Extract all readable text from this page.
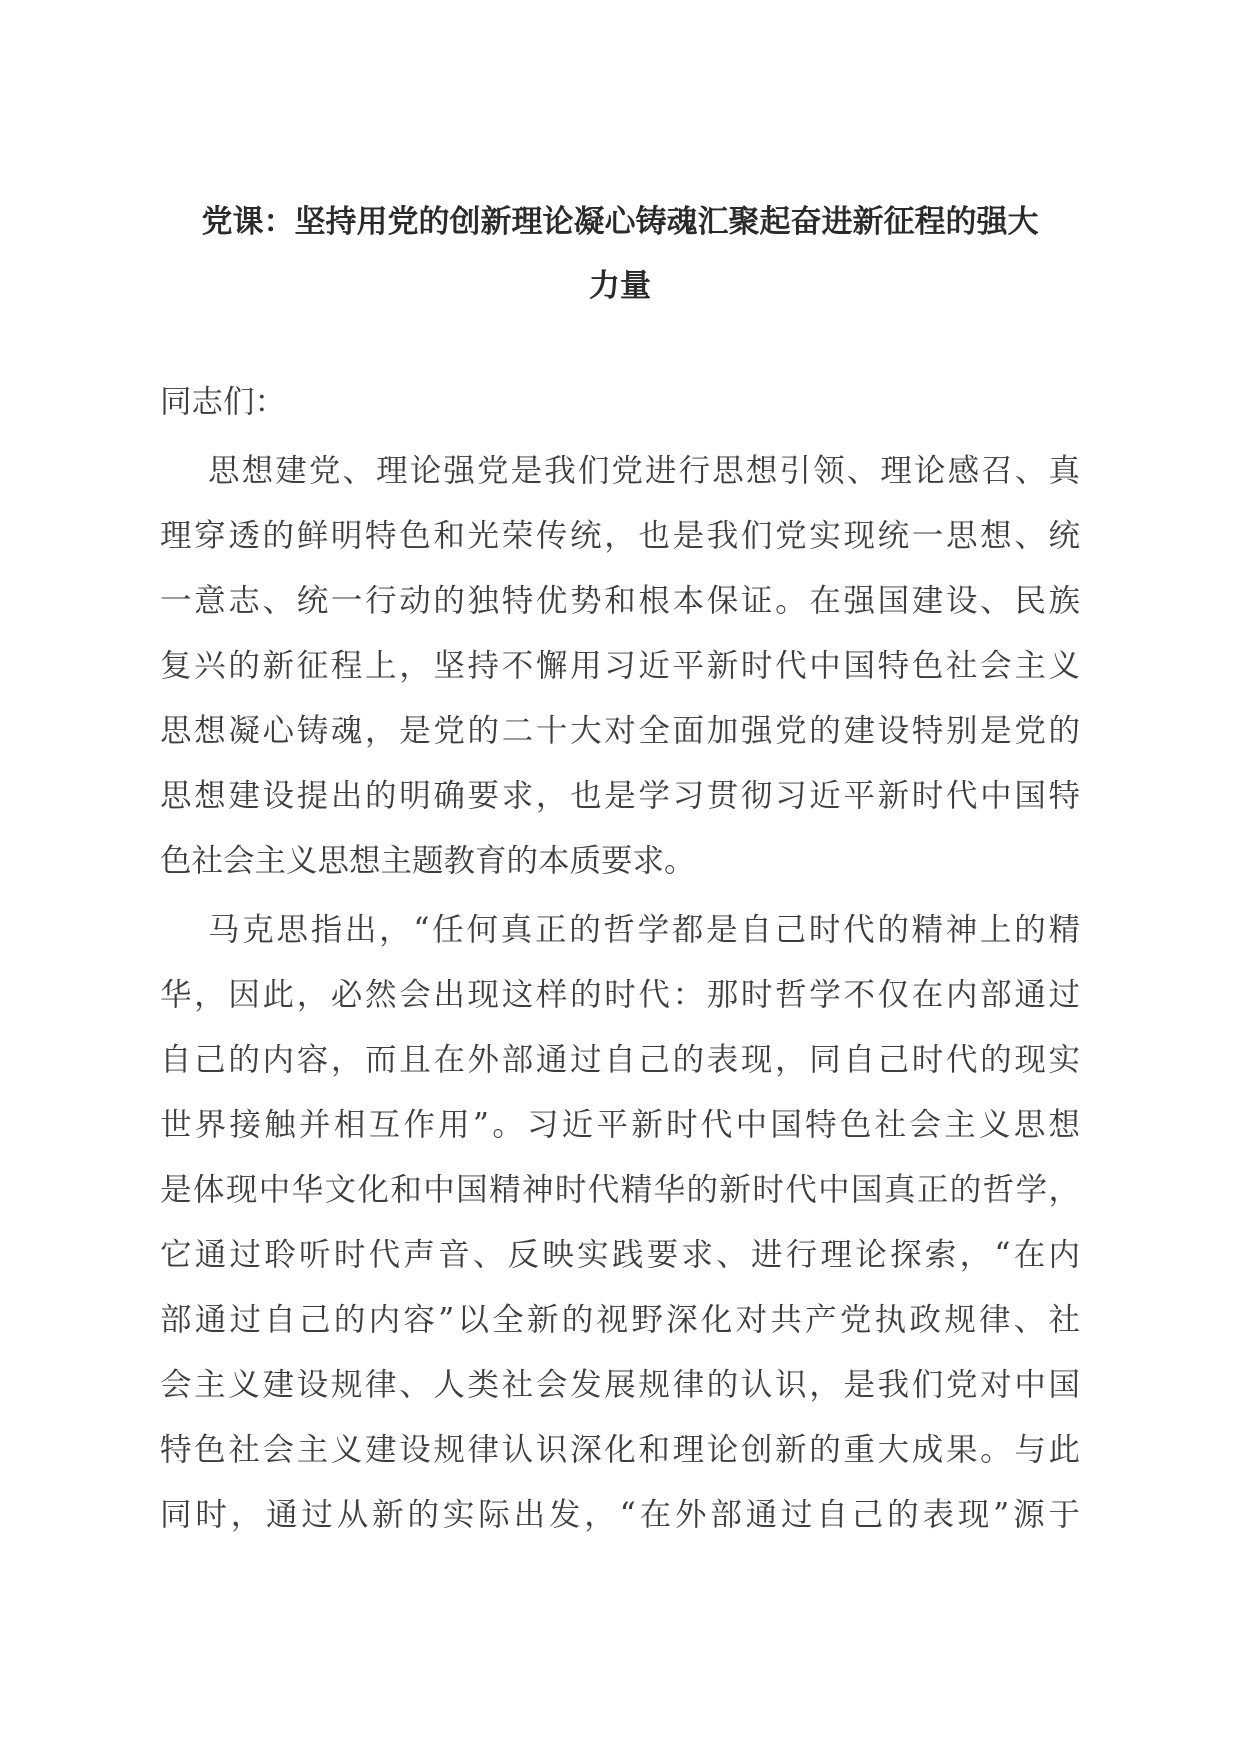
党课：坚持用党的创新理论凝心铸魂汇聚起奋进新征程的强大
力量
同志们：
思想建党、理论强党是我们党进行思想引领、理论感召、真
理穿透的鲜明特色和光荣传统，也是我们党实现统一思想、统
一意志、统一行动的独特优势和根本保证。在强国建设、民族
复兴的新征程上，坚持不懈用习近平新时代中国特色社会主义
思想凝心铸魂，是党的二十大对全面加强党的建设特别是党的
思想建设提出的明确要求，也是学习贯彻习近平新时代中国特
色社会主义思想主题教育的本质要求。
马克思指出，“任何真正的哲学都是自己时代的精神上的精
华，因此，必然会出现这样的时代：那时哲学不仅在内部通过
自己的内容，而且在外部通过自己的表现，同自己时代的现实
世界接触并相互作用”。习近平新时代中国特色社会主义思想
是体现中华文化和中国精神时代精华的新时代中国真正的哲学，
它通过聆听时代声音、反映实践要求、进行理论探索，“在内
部通过自己的内容”以全新的视野深化对共产党执政规律、社
会主义建设规律、人类社会发展规律的认识，是我们党对中国
特色社会主义建设规律认识深化和理论创新的重大成果。与此
同时，通过从新的实际出发，“在外部通过自己的表现”源于
